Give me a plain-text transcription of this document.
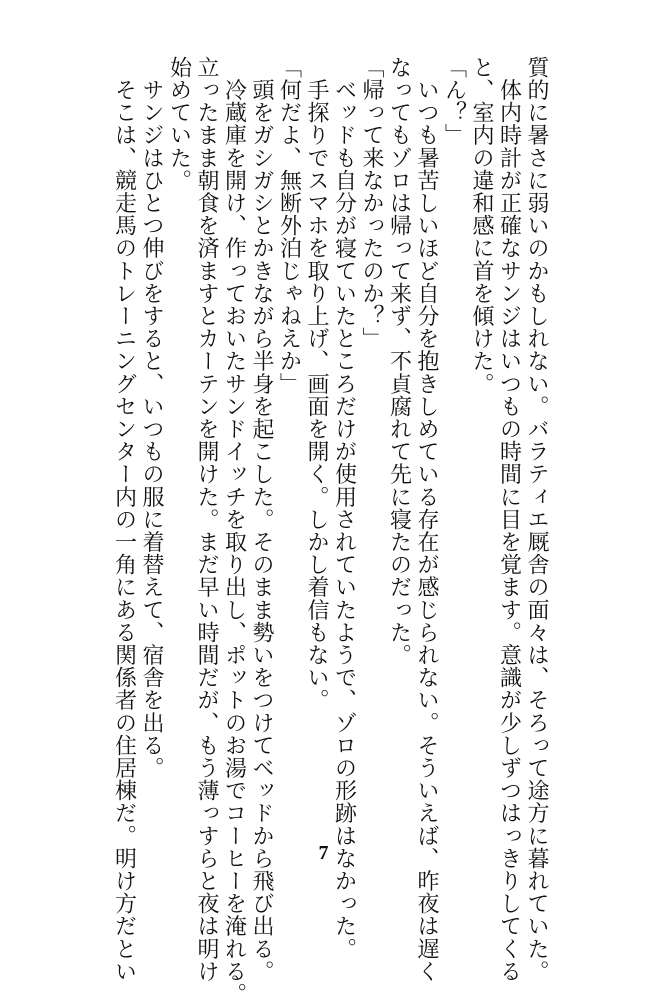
質的に暑さに弱いのかもしれない。バラティエ厩舎の面々は、そろって途方に暮れていた。
　体内時計が正確なサンジはいつもの時間に目を覚ます。意識が少しずつはっきりしてくる
と、室内の違和感に首を傾けた。
「ん？」
　いつも暑苦しいほど自分を抱きしめている存在が感じられない。そういえば、昨夜は遅く
なってもゾロは帰って来ず、不貞腐れて先に寝たのだった。
「帰って来なかったのか？」
　ベッドも自分が寝ていたところだけが使用されていたようで、ゾロの形跡はなかった。
　手探りでスマホを取り上げ、画面を開く。しかし着信もない。
「何だよ、無断外泊じゃねえか」
　頭をガシガシとかきながら半身を起こした。そのまま勢いをつけてベッドから飛び出る。
　冷蔵庫を開け、作っておいたサンドイッチを取り出し、ポットのお湯でコーヒーを淹れる。
立ったまま朝食を済ますとカーテンを開けた。まだ早い時間だが、もう薄っすらと夜は明け
始めていた。
　サンジはひとつ伸びをすると、いつもの服に着替えて、宿舎を出る。
　そこは、競走馬のトレーニングセンター内の一角にある関係者の住居棟だ。明け方だとい	7
